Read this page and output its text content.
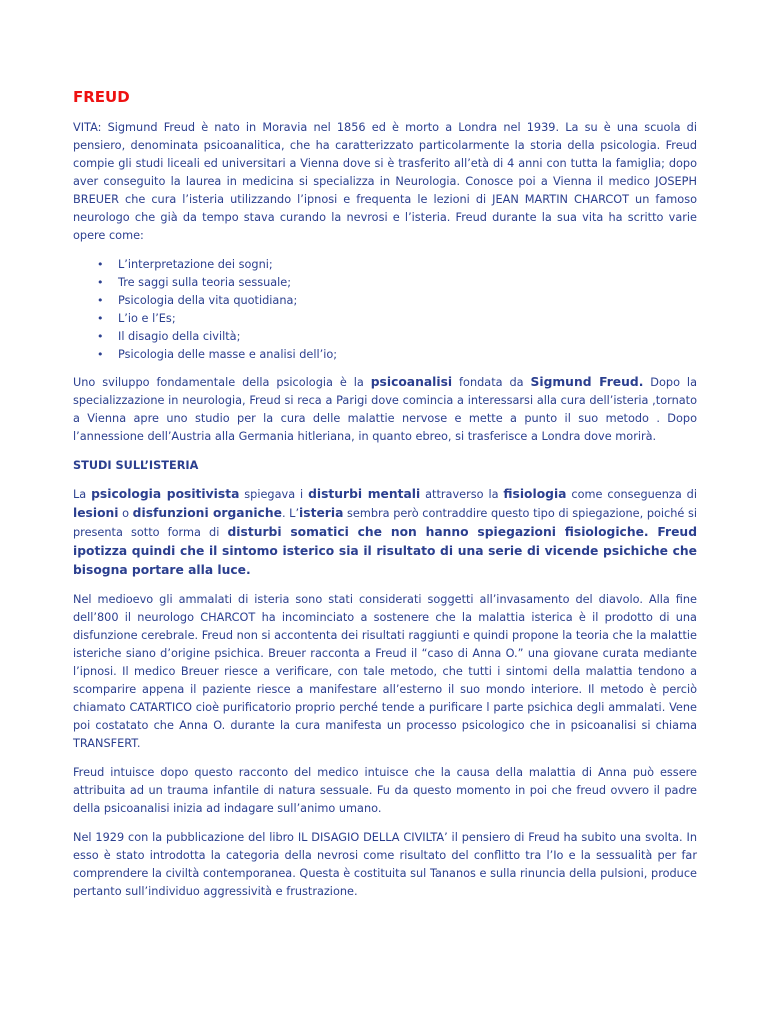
FREUD

VITA: Sigmund Freud è nato in Moravia nel 1856 ed è morto a Londra nel 1939. La su è una scuola di pensiero, denominata psicoanalitica, che ha caratterizzato particolarmente la storia della psicologia. Freud compie gli studi liceali ed universitari a Vienna dove si è trasferito all’età di 4 anni con tutta la famiglia; dopo aver conseguito la laurea in medicina si specializza in Neurologia. Conosce poi a Vienna il medico JOSEPH BREUER che cura l’isteria utilizzando l’ipnosi e frequenta le lezioni di JEAN MARTIN CHARCOT un famoso neurologo che già da tempo stava curando la nevrosi e l’isteria. Freud durante la sua vita ha scritto varie opere come:

• L’interpretazione dei sogni;
• Tre saggi sulla teoria sessuale;
• Psicologia della vita quotidiana;
• L’io e l’Es;
• Il disagio della civiltà;
• Psicologia delle masse e analisi dell’io;

Uno sviluppo fondamentale della psicologia è la psicoanalisi fondata da Sigmund Freud. Dopo la specializzazione in neurologia, Freud si reca a Parigi dove comincia a interessarsi alla cura dell’isteria ,tornato a Vienna apre uno studio per la cura delle malattie nervose e mette a punto il suo metodo . Dopo l’annessione dell’Austria alla Germania hitleriana, in quanto ebreo, si trasferisce a Londra dove morirà.

STUDI SULL’ISTERIA

La psicologia positivista spiegava i disturbi mentali attraverso la fisiologia come conseguenza di lesioni o disfunzioni organiche. L’isteria sembra però contraddire questo tipo di spiegazione, poiché si presenta sotto forma di disturbi somatici che non hanno spiegazioni fisiologiche. Freud ipotizza quindi che il sintomo isterico sia il risultato di una serie di vicende psichiche che bisogna portare alla luce.

Nel medioevo gli ammalati di isteria sono stati considerati soggetti all’invasamento del diavolo. Alla fine dell’800 il neurologo CHARCOT ha incominciato a sostenere che la malattia isterica è il prodotto di una disfunzione cerebrale. Freud non si accontenta dei risultati raggiunti e quindi propone la teoria che la malattie isteriche siano d’origine psichica. Breuer racconta a Freud il “caso di Anna O.” una giovane curata mediante l’ipnosi. Il medico Breuer riesce a verificare, con tale metodo, che tutti i sintomi della malattia tendono a scomparire appena il paziente riesce a manifestare all’esterno il suo mondo interiore. Il metodo è perciò chiamato CATARTICO cioè purificatorio proprio perché tende a purificare l parte psichica degli ammalati. Vene poi costatato che Anna O. durante la cura manifesta un processo psicologico che in psicoanalisi si chiama TRANSFERT.

Freud intuisce dopo questo racconto del medico intuisce che la causa della malattia di Anna può essere attribuita ad un trauma infantile di natura sessuale. Fu da questo momento in poi che freud ovvero il padre della psicoanalisi inizia ad indagare sull’animo umano.

Nel 1929 con la pubblicazione del libro IL DISAGIO DELLA CIVILTA’ il pensiero di Freud ha subito una svolta. In esso è stato introdotta la categoria della nevrosi come risultato del conflitto tra l’Io e la sessualità per far comprendere la civiltà contemporanea. Questa è costituita sul Tananos e sulla rinuncia della pulsioni, produce pertanto sull’individuo aggressività e frustrazione.
